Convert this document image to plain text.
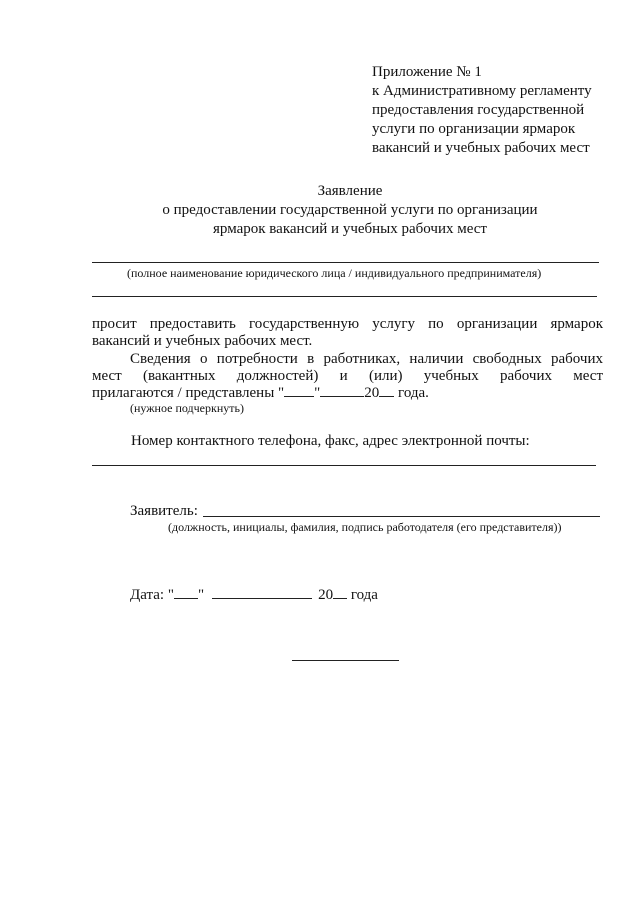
Приложение № 1
к Административному регламенту
предоставления государственной
услуги по организации ярмарок
вакансий и учебных рабочих мест
Заявление
о предоставлении государственной услуги по организации
ярмарок вакансий и учебных рабочих мест
(полное наименование юридического лица / индивидуального предпринимателя)
просит предоставить государственную услугу по организации ярмарок
вакансий и учебных рабочих мест.
Сведения о потребности в работниках, наличии свободных рабочих
мест (вакантных должностей) и (или) учебных рабочих мест
прилагаются / представлены " "	20 года.
(нужное подчеркнуть)
Номер контактного телефона, факс, адрес электронной почты:
Заявитель:
(должность, инициалы, фамилия, подпись работодателя (его представителя))
Дата: " "	20 года
